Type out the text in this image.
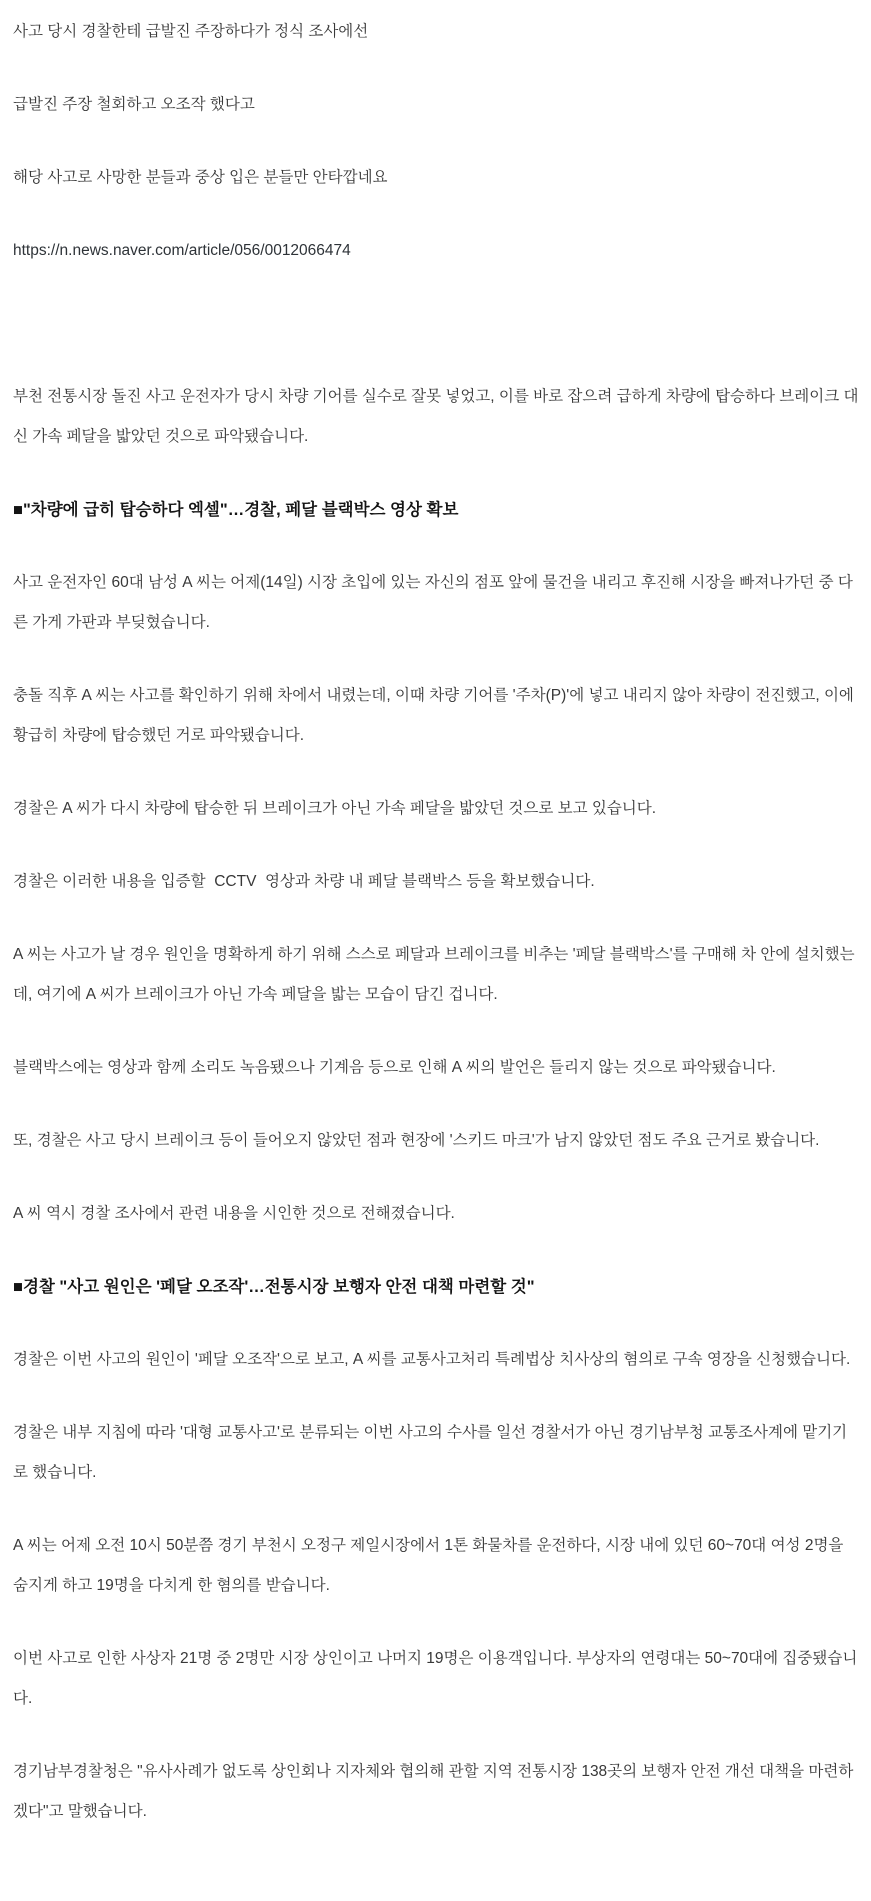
사고 당시 경찰한테 급발진 주장하다가 정식 조사에선

급발진 주장 철회하고 오조작 했다고

해당 사고로 사망한 분들과 중상 입은 분들만 안타깝네요

https://n.news.naver.com/article/056/0012066474

부천 전통시장 돌진 사고 운전자가 당시 차량 기어를 실수로 잘못 넣었고, 이를 바로 잡으려 급하게 차량에 탑승하다 브레이크 대신 가속 페달을 밟았던 것으로 파악됐습니다.

■"차량에 급히 탑승하다 엑셀"…경찰, 페달 블랙박스 영상 확보

사고 운전자인 60대 남성 A 씨는 어제(14일) 시장 초입에 있는 자신의 점포 앞에 물건을 내리고 후진해 시장을 빠져나가던 중 다른 가게 가판과 부딪혔습니다.

충돌 직후 A 씨는 사고를 확인하기 위해 차에서 내렸는데, 이때 차량 기어를 '주차(P)'에 넣고 내리지 않아 차량이 전진했고, 이에 황급히 차량에 탑승했던 거로 파악됐습니다.

경찰은 A 씨가 다시 차량에 탑승한 뒤 브레이크가 아닌 가속 페달을 밟았던 것으로 보고 있습니다.

경찰은 이러한 내용을 입증할  CCTV  영상과 차량 내 페달 블랙박스 등을 확보했습니다.

A 씨는 사고가 날 경우 원인을 명확하게 하기 위해 스스로 페달과 브레이크를 비추는 '페달 블랙박스'를 구매해 차 안에 설치했는데, 여기에 A 씨가 브레이크가 아닌 가속 페달을 밟는 모습이 담긴 겁니다.

블랙박스에는 영상과 함께 소리도 녹음됐으나 기계음 등으로 인해 A 씨의 발언은 들리지 않는 것으로 파악됐습니다.

또, 경찰은 사고 당시 브레이크 등이 들어오지 않았던 점과 현장에 '스키드 마크'가 남지 않았던 점도 주요 근거로 봤습니다.

A 씨 역시 경찰 조사에서 관련 내용을 시인한 것으로 전해졌습니다.

■경찰 "사고 원인은 '페달 오조작'…전통시장 보행자 안전 대책 마련할 것"

경찰은 이번 사고의 원인이 '페달 오조작'으로 보고, A 씨를 교통사고처리 특례법상 치사상의 혐의로 구속 영장을 신청했습니다.

경찰은 내부 지침에 따라 '대형 교통사고'로 분류되는 이번 사고의 수사를 일선 경찰서가 아닌 경기남부청 교통조사계에 맡기기로 했습니다.

A 씨는 어제 오전 10시 50분쯤 경기 부천시 오정구 제일시장에서 1톤 화물차를 운전하다, 시장 내에 있던 60~70대 여성 2명을 숨지게 하고 19명을 다치게 한 혐의를 받습니다.

이번 사고로 인한 사상자 21명 중 2명만 시장 상인이고 나머지 19명은 이용객입니다. 부상자의 연령대는 50~70대에 집중됐습니다.

경기남부경찰청은 "유사사례가 없도록 상인회나 지자체와 협의해 관할 지역 전통시장 138곳의 보행자 안전 개선 대책을 마련하겠다"고 말했습니다.
